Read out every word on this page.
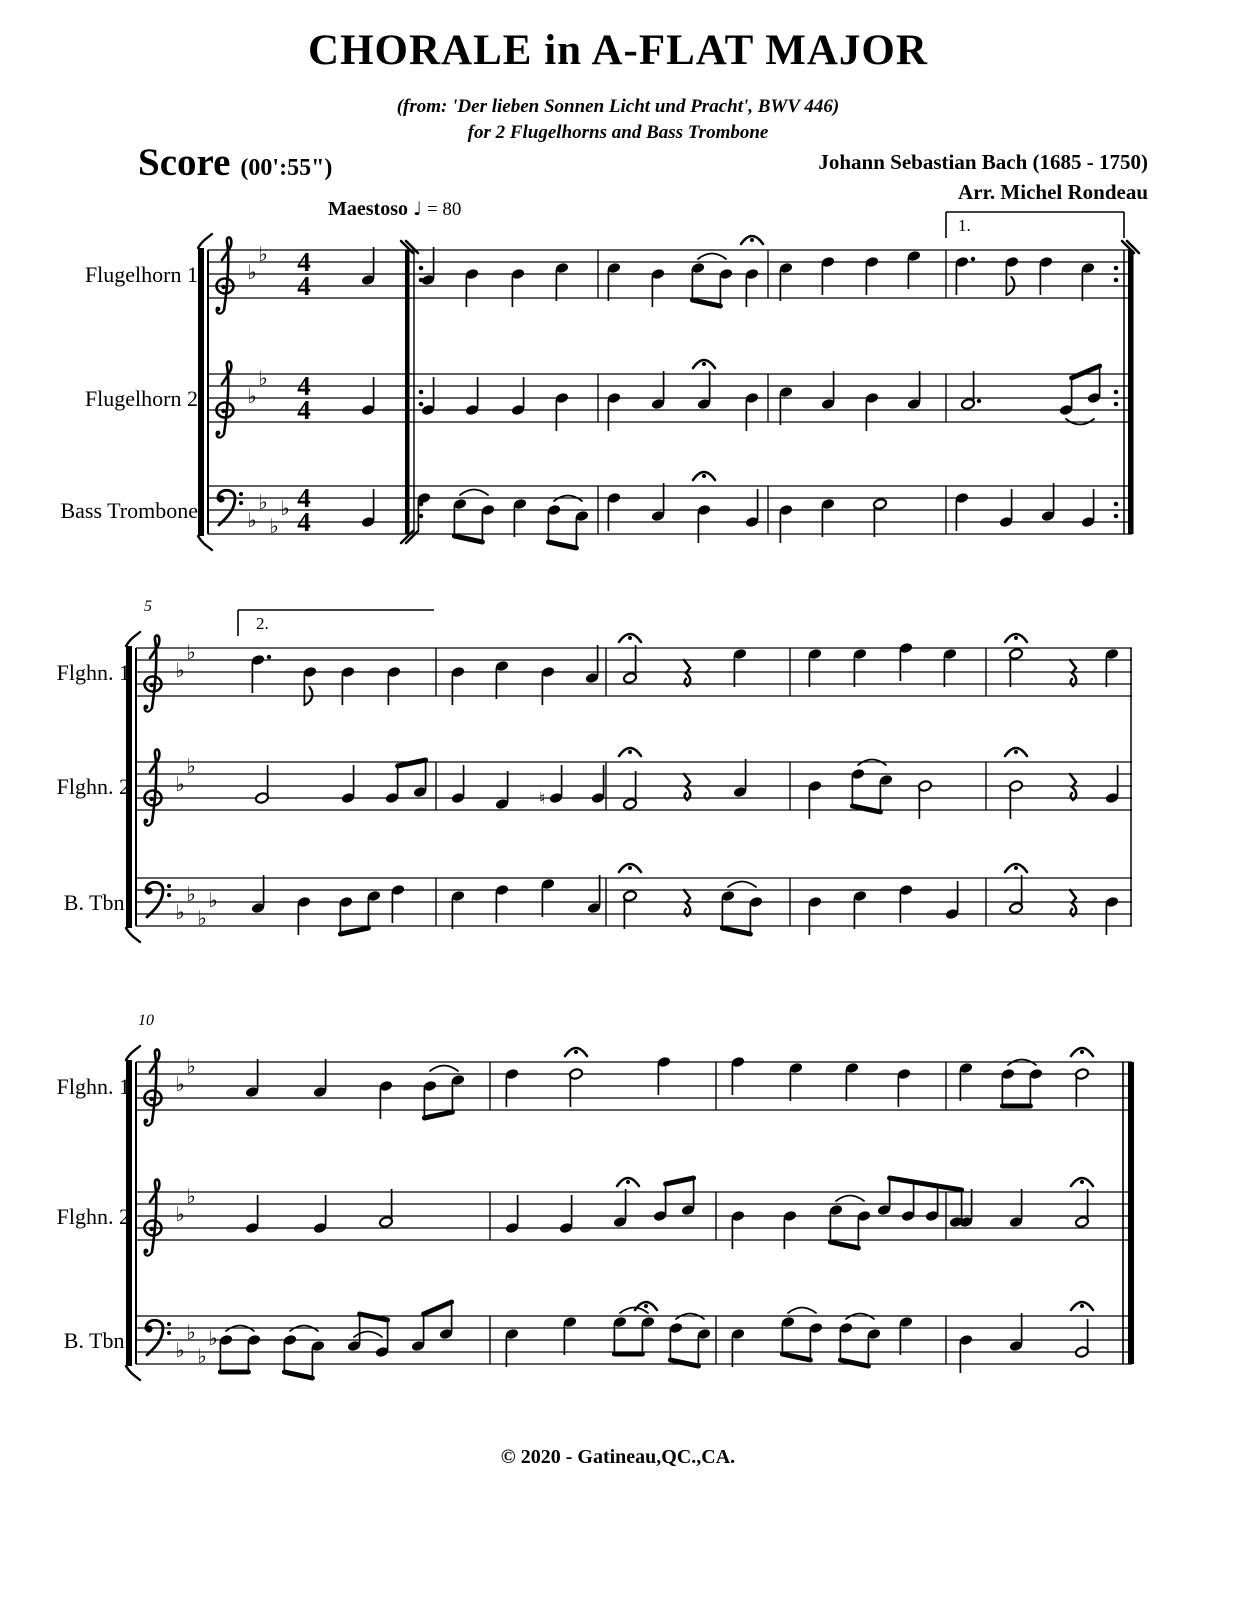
♭
♭ 4
4
♭
♭ 4
4
♭
♭
♭
♭ 4
4
♭
♭
♭
♭
♭
♭
♭
♭
♮
♭
♭
♭
♭
♭
♭
♭
♭
CHORALE in A-FLAT MAJOR
(from: 'Der lieben Sonnen Licht und Pracht', BWV 446)
for 2 Flugelhorns and Bass Trombone
Score (00':55")	Johann Sebastian Bach (1685 - 1750)
Arr. Michel Rondeau
Maestoso ♩ = 80
Flugelhorn 1
Flugelhorn 2
Bass Trombone
Flghn. 1
Flghn. 2
B. Tbn.
Flghn. 1
Flghn. 2
B. Tbn.
5
10
1.
2.
© 2020 - Gatineau,QC.,CA.
